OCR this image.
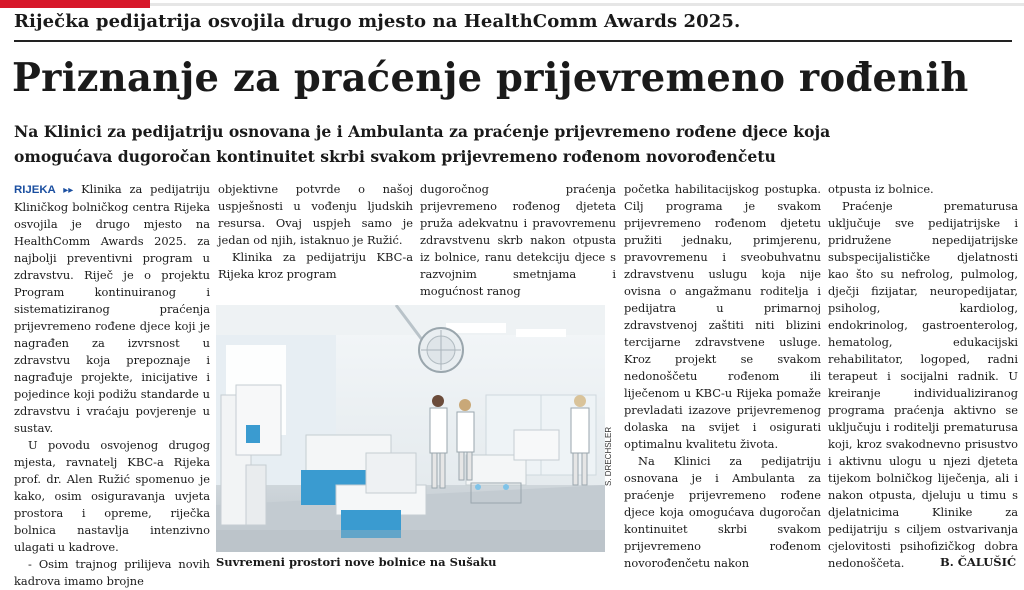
Riječka pedijatrija osvojila drugo mjesto na HealthComm Awards 2025.
Priznanje za praćenje prijevremeno rođenih
Na Klinici za pedijatriju osnovana je i Ambulanta za praćenje prijevremeno rođene djece koja
omogućava dugoročan kontinuitet skrbi svakom prijevremeno rođenom novorođenčetu

RIJEKA ▸▸ Klinika za pedijatriju Kliničkog bolničkog centra Rijeka osvojila je drugo mjesto na HealthComm Awards 2025. za najbolji preventivni program u zdravstvu. Riječ je o projektu Program kontinuiranog i sistematiziranog praćenja prijevremeno rođene djece koji je nagrađen za izvrsnost u zdravstvu koja prepoznaje i nagrađuje projekte, inicijative i pojedince koji podižu standarde u zdravstvu i vraćaju povjerenje u sustav.

U povodu osvojenog drugog mjesta, ravnatelj KBC-a Rijeka prof. dr. Alen Ružić spomenuo je kako, osim osiguravanja uvjeta prostora i opreme, riječka bolnica nastavlja intenzivno ulagati u kadrove.

- Osim trajnog prilijeva novih kadrova imamo brojne

objektivne potvrde o našoj uspješnosti u vođenju ljudskih resursa. Ovaj uspjeh samo je jedan od njih, istaknuo je Ružić.

Klinika za pedijatriju KBC-a Rijeka kroz program

dugoročnog praćenja prijevremeno rođenog djeteta pruža adekvatnu i pravovremenu zdravstvenu skrb nakon otpusta iz bolnice, ranu detekciju djece s razvojnim smetnjama i mogućnost ranog

početka habilitacijskog postupka. Cilj programa je svakom prijevremeno rođenom djetetu pružiti jednaku, primjerenu, pravovremenu i sveobuhvatnu zdravstvenu uslugu koja nije ovisna o angažmanu roditelja i pedijatra u primarnoj zdravstvenoj zaštiti niti blizini tercijarne zdravstvene usluge. Kroz projekt se svakom nedonoščetu rođenom ili liječenom u KBC-u Rijeka pomaže prevladati izazove prijevremenog dolaska na svijet i osigurati optimalnu kvalitetu života.

Na Klinici za pedijatriju osnovana je i Ambulanta za praćenje prijevremeno rođene djece koja omogućava dugoročan kontinuitet skrbi svakom prijevremeno rođenom novorođenčetu nakon

otpusta iz bolnice.

Praćenje prematurusa uključuje sve pedijatrijske i pridružene nepedijatrijske subspecijalističke djelatnosti kao što su nefrolog, pulmolog, dječji fizijatar, neuropedijatar, psiholog, kardiolog, endokrinolog, gastroenterolog, hematolog, edukacijski rehabilitator, logoped, radni terapeut i socijalni radnik. U kreiranje individualiziranog programa praćenja aktivno se uključuju i roditelji prematurusa koji, kroz svakodnevno prisustvo i aktivnu ulogu u njezi djeteta tijekom bolničkog liječenja, ali i nakon otpusta, djeluju u timu s djelatnicima Klinike za pedijatriju s ciljem ostvarivanja cjelovitosti psihofizičkog dobra nedonoščeta.

S. DRECHSLER
Suvremeni prostori nove bolnice na Sušaku	B. ČALUŠIĆ
